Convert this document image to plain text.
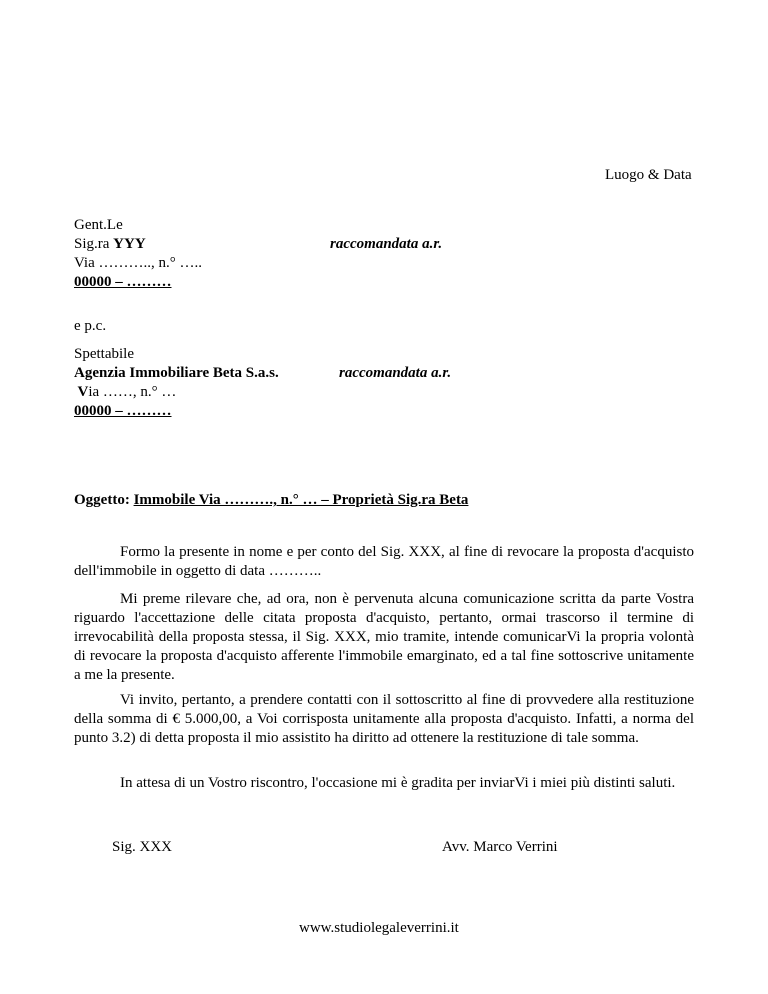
Luogo & Data
Gent.Le
Sig.ra YYY
Via ……….., n.° …..
00000 – ………
raccomandata a.r.
e p.c.
Spettabile
Agenzia Immobiliare Beta S.a.s.
Via ……, n.° …
00000 – ………
raccomandata a.r.
Oggetto: Immobile Via ………., n.° … – Proprietà Sig.ra Beta
Formo la presente in nome e per conto del Sig. XXX, al fine di revocare la proposta d'acquisto dell'immobile in oggetto di data ………..
Mi preme rilevare che, ad ora, non è pervenuta alcuna comunicazione scritta da parte Vostra riguardo l'accettazione delle citata proposta d'acquisto, pertanto, ormai trascorso il termine di irrevocabilità della proposta stessa, il Sig. XXX, mio tramite, intende comunicarVi la propria volontà di revocare la proposta d'acquisto afferente l'immobile emarginato, ed a tal fine sottoscrive unitamente a me la presente.
Vi invito, pertanto, a prendere contatti con il sottoscritto al fine di provvedere alla restituzione della somma di € 5.000,00, a Voi corrisposta unitamente alla proposta d'acquisto. Infatti, a norma del punto 3.2) di detta proposta il mio assistito ha diritto ad ottenere la restituzione di tale somma.
In attesa di un Vostro riscontro, l'occasione mi è gradita per inviarVi i miei più distinti saluti.
Sig. XXX	Avv. Marco Verrini
www.studiolegaleverrini.it
